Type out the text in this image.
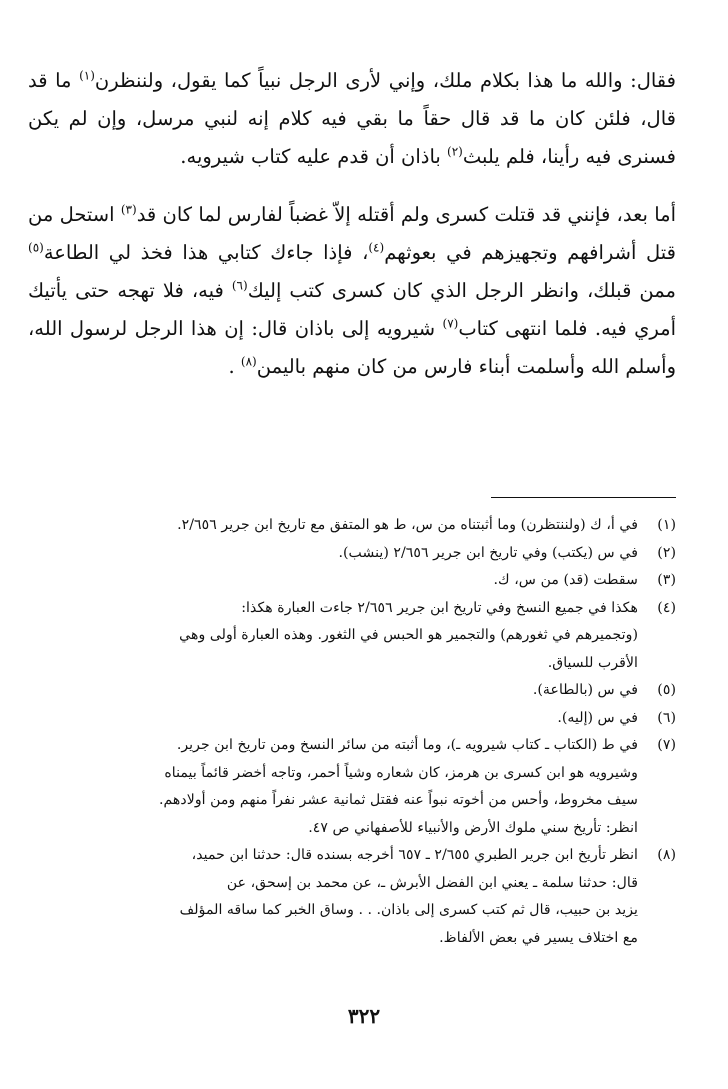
فقال: والله ما هذا بكلام ملك، وإني لأرى الرجل نبياً كما يقول، ولننظرن$^{(١)}$ ما قد قال، فلئن كان ما قد قال حقاً ما بقي فيه كلام إنه لنبي مرسل، وإن لم يكن فسنرى فيه رأينا، فلم يلبث$^{(٢)}$ باذان أن قدم عليه كتاب شيرويه.

أما بعد، فإنني قد قتلت كسرى ولم أقتله إلاّ غضباً لفارس لما كان قد$^{(٣)}$ استحل من قتل أشرافهم وتجهيزهم في بعوثهم$^{(٤)}$، فإذا جاءك كتابي هذا فخذ لي الطاعة$^{(٥)}$ ممن قبلك، وانظر الرجل الذي كان كسرى كتب إليك$^{(٦)}$ فيه، فلا تهجه حتى يأتيك أمري فيه. فلما انتهى كتاب$^{(٧)}$ شيرويه إلى باذان قال: إن هذا الرجل لرسول الله، وأسلم الله وأسلمت أبناء فارس من كان منهم باليمن$^{(٨)}$ .

(١)
في أ، ك (ولننتظرن) وما أثبتناه من س، ط هو المتفق مع تاريخ ابن جرير ٢/٦٥٦.
(٢)
في س (يكتب) وفي تاريخ ابن جرير ٢/٦٥٦ (ينشب).
(٣)
سقطت (قد) من س، ك.
(٤)
هكذا في جميع النسخ وفي تاريخ ابن جرير ٢/٦٥٦ جاءت العبارة هكذا:
(وتجميرهم في ثغورهم) والتجمير هو الحبس في الثغور. وهذه العبارة أولى وهي
الأقرب للسياق.
(٥)
في س (بالطاعة).
(٦)
في س (إليه).
(٧)
في ط (الكتاب ـ كتاب شيرويه ـ)، وما أثبته من سائر النسخ ومن تاريخ ابن جرير.
وشيرويه هو ابن كسرى بن هرمز، كان شعاره وشياً أحمر، وتاجه أخضر قائماً بيمناه
سيف مخروط، وأحس من أخوته نبواً عنه فقتل ثمانية عشر نفراً منهم ومن أولادهم.
انظر: تأريخ سني ملوك الأرض والأنبياء للأصفهاني ص ٤٧.
(٨)
انظر تأريخ ابن جرير الطبري ٢/٦٥٥ ـ ٦٥٧ أخرجه بسنده قال: حدثنا ابن حميد،
قال: حدثنا سلمة ـ يعني ابن الفضل الأبرش ـ، عن محمد بن إسحق، عن
يزيد بن حبيب، قال ثم كتب كسرى إلى باذان. . . وساق الخبر كما ساقه المؤلف
مع اختلاف يسير في بعض الألفاظ.
٣٢٢
